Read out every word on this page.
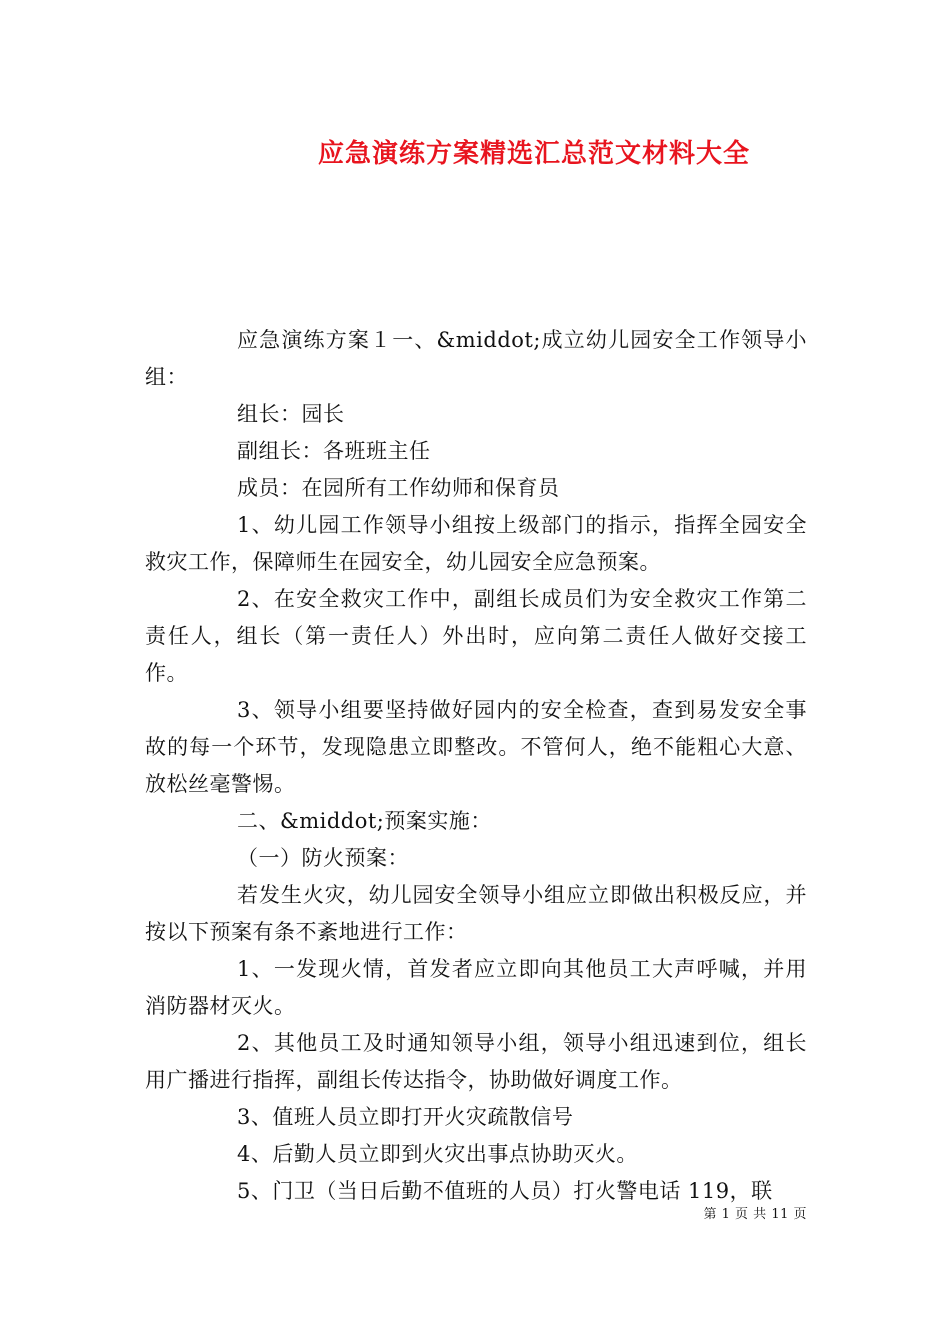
应急演练方案精选汇总范文材料大全

应急演练方案１一、&middot;成立幼儿园安全工作领导小组：

组长：园长

副组长：各班班主任

成员：在园所有工作幼师和保育员

1、幼儿园工作领导小组按上级部门的指示，指挥全园安全救灾工作，保障师生在园安全，幼儿园安全应急预案。

2、在安全救灾工作中，副组长成员们为安全救灾工作第二责任人，组长（第一责任人）外出时，应向第二责任人做好交接工作。

3、领导小组要坚持做好园内的安全检查，查到易发安全事故的每一个环节，发现隐患立即整改。不管何人，绝不能粗心大意、放松丝毫警惕。

二、&middot;预案实施：

（一）防火预案：

若发生火灾，幼儿园安全领导小组应立即做出积极反应，并按以下预案有条不紊地进行工作：

1、一发现火情，首发者应立即向其他员工大声呼喊，并用消防器材灭火。

2、其他员工及时通知领导小组，领导小组迅速到位，组长用广播进行指挥，副组长传达指令，协助做好调度工作。

3、值班人员立即打开火灾疏散信号

4、后勤人员立即到火灾出事点协助灭火。

5、门卫（当日后勤不值班的人员）打火警电话 119，联

第 1 页 共 11 页
